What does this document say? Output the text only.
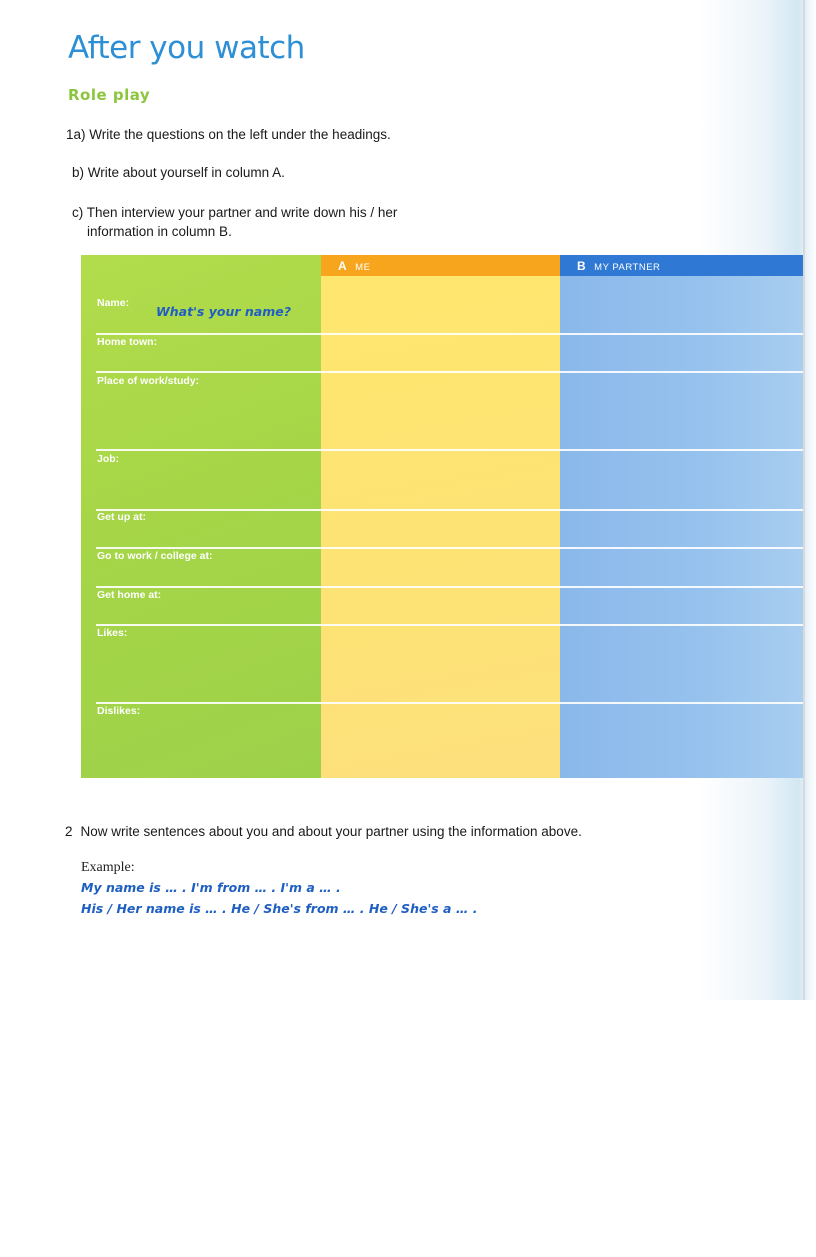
After you watch
Role play
1a) Write the questions on the left under the headings.
b) Write about yourself in column A.
c) Then interview your partner and write down his / her
information in column B.
A ME	B MY PARTNER
Name:
What's your name?
Home town:
Place of work/study:
Job:
Get up at:
Go to work / college at:
Get home at:
Likes:
Dislikes:
2 Now write sentences about you and about your partner using the information above.
Example:
My name is … . I'm from … . I'm a … .
His / Her name is … . He / She's from … . He / She's a … .
